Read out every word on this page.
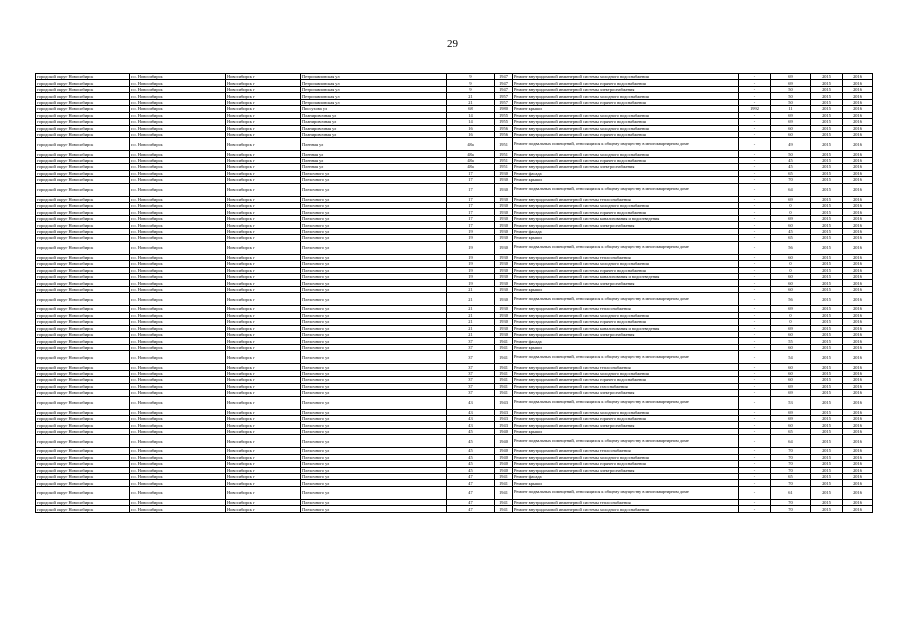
29
городской округ Новосибирск	г.о. Новосибирск	Новосибирск г	Петропавловская ул	9	1947	Ремонт внутридомовой инженерной системы холодного водоснабжения	-	69	2015	2016
городской округ Новосибирск	г.о. Новосибирск	Новосибирск г	Петропавловская ул	9	1947	Ремонт внутридомовой инженерной системы горячего водоснабжения	-	69	2015	2016
городской округ Новосибирск	г.о. Новосибирск	Новосибирск г	Петропавловская ул	9	1947	Ремонт внутридомовой инженерной системы электроснабжения	-	50	2015	2016
городской округ Новосибирск	г.о. Новосибирск	Новосибирск г	Петропавловская ул	21	1957	Ремонт внутридомовой инженерной системы холодного водоснабжения	-	50	2015	2016
городской округ Новосибирск	г.о. Новосибирск	Новосибирск г	Петропавловская ул	21	1957	Ремонт внутридомовой инженерной системы горячего водоснабжения	-	50	2015	2016
городской округ Новосибирск	г.о. Новосибирск	Новосибирск г	Писсухова ул	68	1980	Ремонт крыши	1992	11	2015	2016
городской округ Новосибирск	г.о. Новосибирск	Новосибирск г	Планировочная ул	14	1955	Ремонт внутридомовой инженерной системы холодного водоснабжения	-	69	2015	2016
городской округ Новосибирск	г.о. Новосибирск	Новосибирск г	Планировочная ул	14	1955	Ремонт внутридомовой инженерной системы горячего водоснабжения	-	69	2015	2016
городской округ Новосибирск	г.о. Новосибирск	Новосибирск г	Планировочная ул	16	1956	Ремонт внутридомовой инженерной системы холодного водоснабжения	-	60	2015	2016
городской округ Новосибирск	г.о. Новосибирск	Новосибирск г	Планировочная ул	16	1956	Ремонт внутридомовой инженерной системы горячего водоснабжения	-	60	2015	2016
городской округ Новосибирск	г.о. Новосибирск	Новосибирск г	Пленная ул	48а	1951	Ремонт подвальных помещений, относящихся к общему имуществу в многоквартирном доме	-	49	2015	2016
городской округ Новосибирск	г.о. Новосибирск	Новосибирск г	Пленная ул	48а	1951	Ремонт внутридомовой инженерной системы холодного водоснабжения	-	50	2015	2016
городской округ Новосибирск	г.о. Новосибирск	Новосибирск г	Пленная ул	48а	1951	Ремонт внутридомовой инженерной системы горячего водоснабжения	-	45	2015	2016
городской округ Новосибирск	г.о. Новосибирск	Новосибирск г	Пленная ул	48а	1951	Ремонт внутридомовой инженерной системы электроснабжения	-	45	2015	2016
городской округ Новосибирск	г.о. Новосибирск	Новосибирск г	Плехочного ул	17	1930	Ремонт фасада	-	65	2015	2016
городской округ Новосибирск	г.о. Новосибирск	Новосибирск г	Плехочного ул	17	1930	Ремонт крыши	-	70	2015	2016
городской округ Новосибирск	г.о. Новосибирск	Новосибирск г	Плехочного ул	17	1930	Ремонт подвальных помещений, относящихся к общему имуществу в многоквартирном доме	-	64	2015	2016
городской округ Новосибирск	г.о. Новосибирск	Новосибирск г	Плехочного ул	17	1930	Ремонт внутридомовой инженерной системы теплоснабжения	-	69	2015	2016
городской округ Новосибирск	г.о. Новосибирск	Новосибирск г	Плехочного ул	17	1930	Ремонт внутридомовой инженерной системы холодного водоснабжения	-	0	2015	2016
городской округ Новосибирск	г.о. Новосибирск	Новосибирск г	Плехочного ул	17	1930	Ремонт внутридомовой инженерной системы горячего водоснабжения	-	0	2015	2016
городской округ Новосибирск	г.о. Новосибирск	Новосибирск г	Плехочного ул	17	1930	Ремонт внутридомовой инженерной системы канализования и водоотведения	-	69	2015	2016
городской округ Новосибирск	г.о. Новосибирск	Новосибирск г	Плехочного ул	17	1930	Ремонт внутридомовой инженерной системы электроснабжения	-	60	2015	2016
городской округ Новосибирск	г.о. Новосибирск	Новосибирск г	Плехочного ул	19	1930	Ремонт фасада	-	45	2015	2016
городской округ Новосибирск	г.о. Новосибирск	Новосибирск г	Плехочного ул	19	1930	Ремонт крыши	-	65	2015	2016
городской округ Новосибирск	г.о. Новосибирск	Новосибирск г	Плехочного ул	19	1930	Ремонт подвальных помещений, относящихся к общему имуществу в многоквартирном доме	-	56	2015	2016
городской округ Новосибирск	г.о. Новосибирск	Новосибирск г	Плехочного ул	19	1930	Ремонт внутридомовой инженерной системы теплоснабжения	-	60	2015	2016
городской округ Новосибирск	г.о. Новосибирск	Новосибирск г	Плехочного ул	19	1930	Ремонт внутридомовой инженерной системы холодного водоснабжения	-	0	2015	2016
городской округ Новосибирск	г.о. Новосибирск	Новосибирск г	Плехочного ул	19	1930	Ремонт внутридомовой инженерной системы горячего водоснабжения	-	0	2015	2016
городской округ Новосибирск	г.о. Новосибирск	Новосибирск г	Плехочного ул	19	1930	Ремонт внутридомовой инженерной системы канализования и водоотведения	-	60	2015	2016
городской округ Новосибирск	г.о. Новосибирск	Новосибирск г	Плехочного ул	19	1930	Ремонт внутридомовой инженерной системы электроснабжения	-	60	2015	2016
городской округ Новосибирск	г.о. Новосибирск	Новосибирск г	Плехочного ул	21	1930	Ремонт крыши	-	60	2015	2016
городской округ Новосибирск	г.о. Новосибирск	Новосибирск г	Плехочного ул	21	1930	Ремонт подвальных помещений, относящихся к общему имуществу в многоквартирном доме	-	56	2015	2016
городской округ Новосибирск	г.о. Новосибирск	Новосибирск г	Плехочного ул	21	1930	Ремонт внутридомовой инженерной системы теплоснабжения	-	69	2015	2016
городской округ Новосибирск	г.о. Новосибирск	Новосибирск г	Плехочного ул	21	1930	Ремонт внутридомовой инженерной системы холодного водоснабжения	-	0	2015	2016
городской округ Новосибирск	г.о. Новосибирск	Новосибирск г	Плехочного ул	21	1930	Ремонт внутридомовой инженерной системы горячего водоснабжения	-	0	2015	2016
городской округ Новосибирск	г.о. Новосибирск	Новосибирск г	Плехочного ул	21	1930	Ремонт внутридомовой инженерной системы канализования и водоотведения	-	69	2015	2016
городской округ Новосибирск	г.о. Новосибирск	Новосибирск г	Плехочного ул	21	1930	Ремонт внутридомовой инженерной системы электроснабжения	-	60	2015	2016
городской округ Новосибирск	г.о. Новосибирск	Новосибирск г	Плехочного ул	37	1941	Ремонт фасада	-	55	2015	2016
городской округ Новосибирск	г.о. Новосибирск	Новосибирск г	Плехочного ул	37	1941	Ремонт крыши	-	60	2015	2016
городской округ Новосибирск	г.о. Новосибирск	Новосибирск г	Плехочного ул	37	1941	Ремонт подвальных помещений, относящихся к общему имуществу в многоквартирном доме	-	54	2015	2016
городской округ Новосибирск	г.о. Новосибирск	Новосибирск г	Плехочного ул	37	1941	Ремонт внутридомовой инженерной системы теплоснабжения	-	60	2015	2016
городской округ Новосибирск	г.о. Новосибирск	Новосибирск г	Плехочного ул	37	1941	Ремонт внутридомовой инженерной системы холодного водоснабжения	-	60	2015	2016
городской округ Новосибирск	г.о. Новосибирск	Новосибирск г	Плехочного ул	37	1941	Ремонт внутридомовой инженерной системы горячего водоснабжения	-	60	2015	2016
городской округ Новосибирск	г.о. Новосибирск	Новосибирск г	Плехочного ул	37	1941	Ремонт внутридомовой инженерной системы газоснабжения	-	69	2015	2016
городской округ Новосибирск	г.о. Новосибирск	Новосибирск г	Плехочного ул	37	1941	Ремонт внутридомовой инженерной системы электроснабжения	-	69	2015	2016
городской округ Новосибирск	г.о. Новосибирск	Новосибирск г	Плехочного ул	43	1943	Ремонт подвальных помещений, относящихся к общему имуществу в многоквартирном доме	-	53	2015	2016
городской округ Новосибирск	г.о. Новосибирск	Новосибирск г	Плехочного ул	43	1943	Ремонт внутридомовой инженерной системы холодного водоснабжения	-	69	2015	2016
городской округ Новосибирск	г.о. Новосибирск	Новосибирск г	Плехочного ул	43	1943	Ремонт внутридомовой инженерной системы горячего водоснабжения	-	69	2015	2016
городской округ Новосибирск	г.о. Новосибирск	Новосибирск г	Плехочного ул	43	1943	Ремонт внутридомовой инженерной системы электроснабжения	-	60	2015	2016
городской округ Новосибирск	г.о. Новосибирск	Новосибирск г	Плехочного ул	45	1940	Ремонт крыши	-	65	2015	2016
городской округ Новосибирск	г.о. Новосибирск	Новосибирск г	Плехочного ул	45	1940	Ремонт подвальных помещений, относящихся к общему имуществу в многоквартирном доме	-	64	2015	2016
городской округ Новосибирск	г.о. Новосибирск	Новосибирск г	Плехочного ул	45	1940	Ремонт внутридомовой инженерной системы теплоснабжения	-	70	2015	2016
городской округ Новосибирск	г.о. Новосибирск	Новосибирск г	Плехочного ул	45	1940	Ремонт внутридомовой инженерной системы холодного водоснабжения	-	70	2015	2016
городской округ Новосибирск	г.о. Новосибирск	Новосибирск г	Плехочного ул	45	1940	Ремонт внутридомовой инженерной системы горячего водоснабжения	-	70	2015	2016
городской округ Новосибирск	г.о. Новосибирск	Новосибирск г	Плехочного ул	45	1940	Ремонт внутридомовой инженерной системы электроснабжения	-	70	2015	2016
городской округ Новосибирск	г.о. Новосибирск	Новосибирск г	Плехочного ул	47	1941	Ремонт фасада	-	65	2015	2016
городской округ Новосибирск	г.о. Новосибирск	Новосибирск г	Плехочного ул	47	1941	Ремонт крыши	-	70	2015	2016
городской округ Новосибирск	г.о. Новосибирск	Новосибирск г	Плехочного ул	47	1941	Ремонт подвальных помещений, относящихся к общему имуществу в многоквартирном доме	-	61	2015	2016
городской округ Новосибирск	г.о. Новосибирск	Новосибирск г	Плехочного ул	47	1941	Ремонт внутридомовой инженерной системы теплоснабжения	-	70	2015	2016
городской округ Новосибирск	г.о. Новосибирск	Новосибирск г	Плехочного ул	47	1941	Ремонт внутридомовой инженерной системы холодного водоснабжения	-	70	2015	2016
